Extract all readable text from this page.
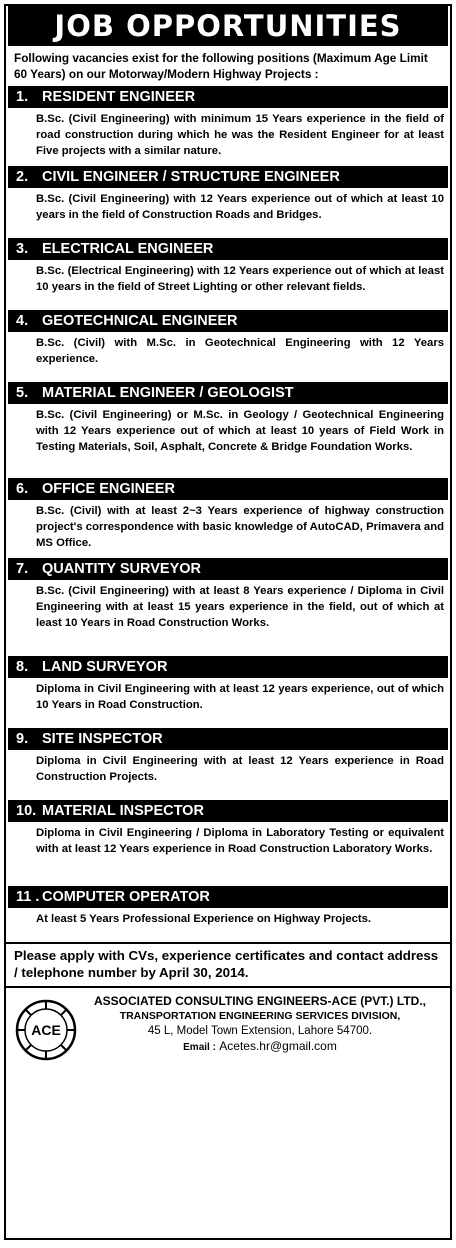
JOB OPPORTUNITIES
Following vacancies exist for the following positions (Maximum Age Limit 60 Years) on our Motorway/Modern Highway Projects :
1. RESIDENT ENGINEER
B.Sc. (Civil Engineering) with minimum 15 Years experience in the field of road construction during which he was the Resident Engineer for at least Five projects with a similar nature.
2. CIVIL ENGINEER / STRUCTURE ENGINEER
B.Sc. (Civil Engineering) with 12 Years experience out of which at least 10 years in the field of Construction Roads and Bridges.
3. ELECTRICAL ENGINEER
B.Sc. (Electrical Engineering) with 12 Years experience out of which at least 10 years in the field of Street Lighting or other relevant fields.
4. GEOTECHNICAL ENGINEER
B.Sc. (Civil) with M.Sc. in Geotechnical Engineering with 12 Years experience.
5. MATERIAL ENGINEER / GEOLOGIST
B.Sc. (Civil Engineering) or M.Sc. in Geology / Geotechnical Engineering with 12 Years experience out of which at least 10 years of Field Work in Testing Materials, Soil, Asphalt, Concrete & Bridge Foundation Works.
6. OFFICE ENGINEER
B.Sc. (Civil) with at least 2~3 Years experience of highway construction project's correspondence with basic knowledge of AutoCAD, Primavera and MS Office.
7. QUANTITY SURVEYOR
B.Sc. (Civil Engineering) with at least 8 Years experience / Diploma in Civil Engineering with at least 15 years experience in the field, out of which at least 10 Years in Road Construction Works.
8. LAND SURVEYOR
Diploma in Civil Engineering with at least 12 years experience, out of which 10 Years in Road Construction.
9. SITE INSPECTOR
Diploma in Civil Engineering with at least 12 Years experience in Road Construction Projects.
10. MATERIAL INSPECTOR
Diploma in Civil Engineering / Diploma in Laboratory Testing or equivalent with at least 12 Years experience in Road Construction Laboratory Works.
11 . COMPUTER OPERATOR
At least 5 Years Professional Experience on Highway Projects.
Please apply with CVs, experience certificates and contact address / telephone number by April 30, 2014.
ACE
ASSOCIATED CONSULTING ENGINEERS-ACE (PVT.) LTD.,
TRANSPORTATION ENGINEERING SERVICES DIVISION,
45 L, Model Town Extension, Lahore 54700.
Email : Acetes.hr@gmail.com
